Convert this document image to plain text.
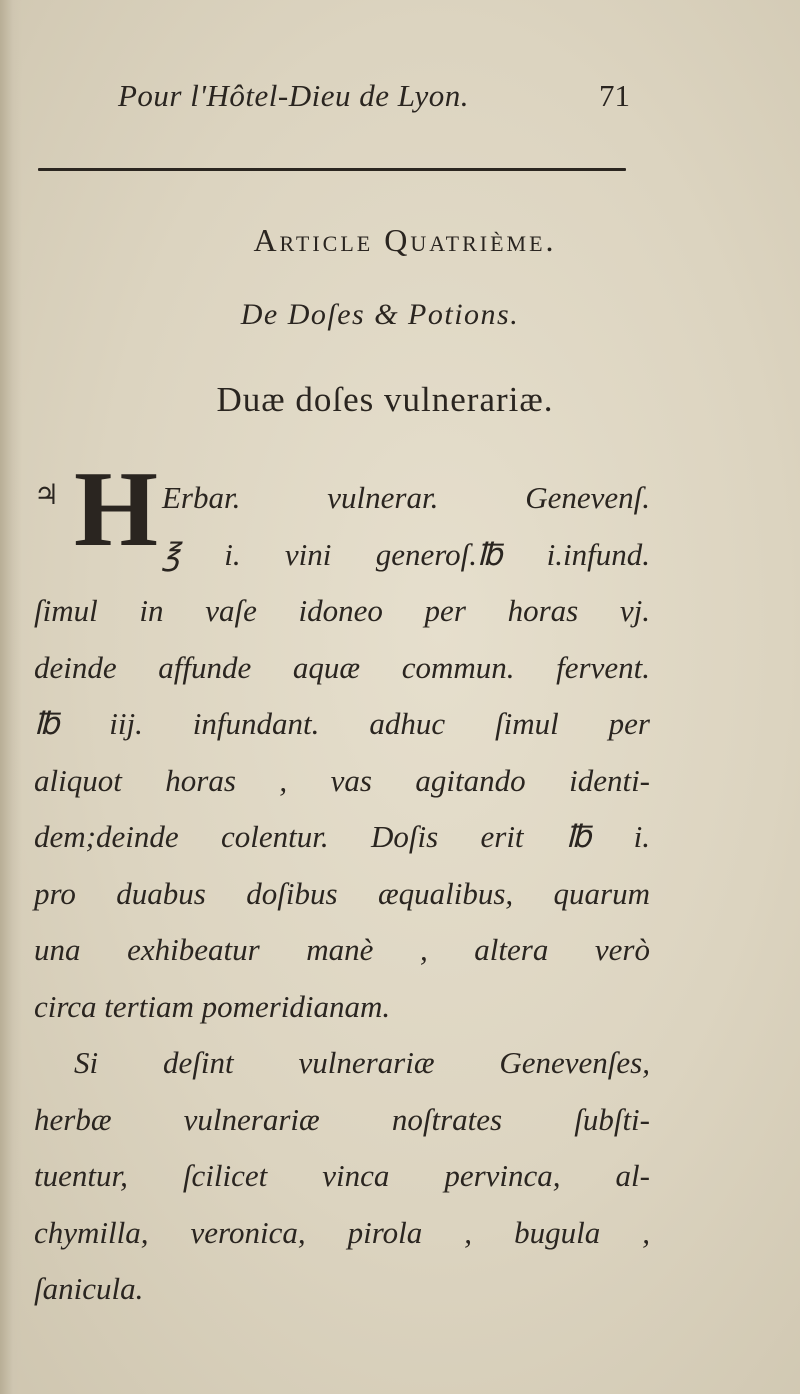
Pour l'Hôtel-Dieu de Lyon.	71
Article Quatrième.
De Doſes & Potions.
Duæ doſes vulnerariæ.
♃ H Erbar. vulnerar. Genevenſ.
℥ i. vini generoſ.℔ i.infund.
ſimul in vaſe idoneo per horas vj.
deinde affunde aquæ commun. fervent.
℔ iij. infundant. adhuc ſimul per
aliquot horas , vas agitando identi-
dem;deinde colentur. Doſis erit ℔ i.
pro duabus doſibus æqualibus, quarum
una exhibeatur manè , altera verò
circa tertiam pomeridianam.
Si deſint vulnerariæ Genevenſes,
herbæ vulnerariæ noſtrates ſubſti-
tuentur, ſcilicet vinca pervinca, al-
chymilla, veronica, pirola , bugula ,
ſanicula.
